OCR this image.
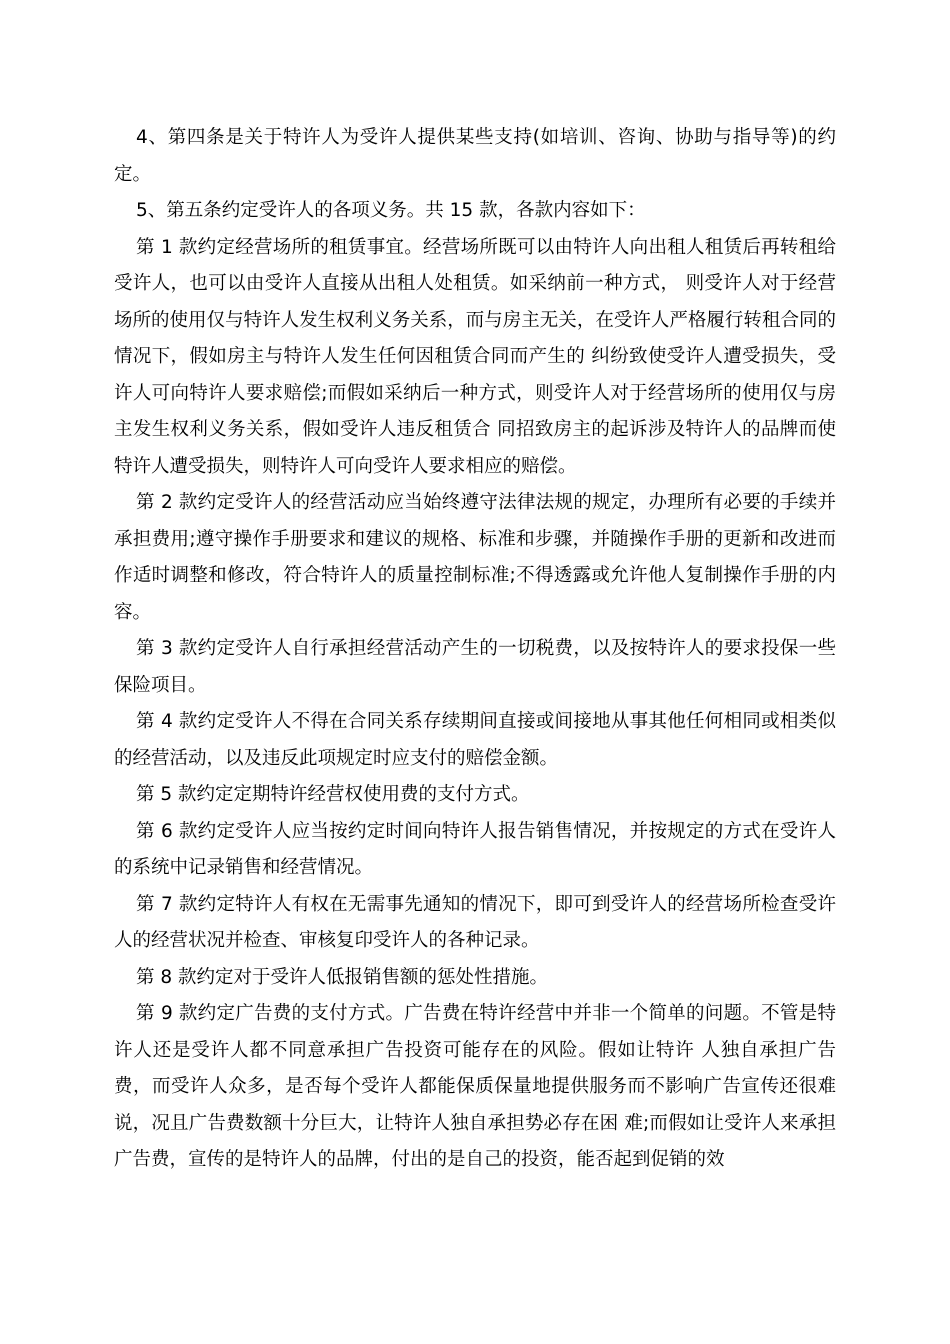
4、第四条是关于特许人为受许人提供某些支持(如培训、咨询、协助与指导等)的约定。

5、第五条约定受许人的各项义务。共 15 款，各款内容如下：

第 1 款约定经营场所的租赁事宜。经营场所既可以由特许人向出租人租赁后再转租给受许人，也可以由受许人直接从出租人处租赁。如采纳前一种方式， 则受许人对于经营场所的使用仅与特许人发生权利义务关系，而与房主无关，在受许人严格履行转租合同的情况下，假如房主与特许人发生任何因租赁合同而产生的 纠纷致使受许人遭受损失，受许人可向特许人要求赔偿;而假如采纳后一种方式，则受许人对于经营场所的使用仅与房主发生权利义务关系，假如受许人违反租赁合 同招致房主的起诉涉及特许人的品牌而使特许人遭受损失，则特许人可向受许人要求相应的赔偿。

第 2 款约定受许人的经营活动应当始终遵守法律法规的规定，办理所有必要的手续并承担费用;遵守操作手册要求和建议的规格、标准和步骤，并随操作手册的更新和改进而作适时调整和修改，符合特许人的质量控制标准;不得透露或允许他人复制操作手册的内容。

第 3 款约定受许人自行承担经营活动产生的一切税费，以及按特许人的要求投保一些保险项目。

第 4 款约定受许人不得在合同关系存续期间直接或间接地从事其他任何相同或相类似的经营活动，以及违反此项规定时应支付的赔偿金额。

第 5 款约定定期特许经营权使用费的支付方式。

第 6 款约定受许人应当按约定时间向特许人报告销售情况，并按规定的方式在受许人的系统中记录销售和经营情况。

第 7 款约定特许人有权在无需事先通知的情况下，即可到受许人的经营场所检查受许人的经营状况并检查、审核复印受许人的各种记录。

第 8 款约定对于受许人低报销售额的惩处性措施。

第 9 款约定广告费的支付方式。广告费在特许经营中并非一个简单的问题。不管是特许人还是受许人都不同意承担广告投资可能存在的风险。假如让特许 人独自承担广告费，而受许人众多，是否每个受许人都能保质保量地提供服务而不影响广告宣传还很难说，况且广告费数额十分巨大，让特许人独自承担势必存在困 难;而假如让受许人来承担广告费，宣传的是特许人的品牌，付出的是自己的投资，能否起到促销的效
